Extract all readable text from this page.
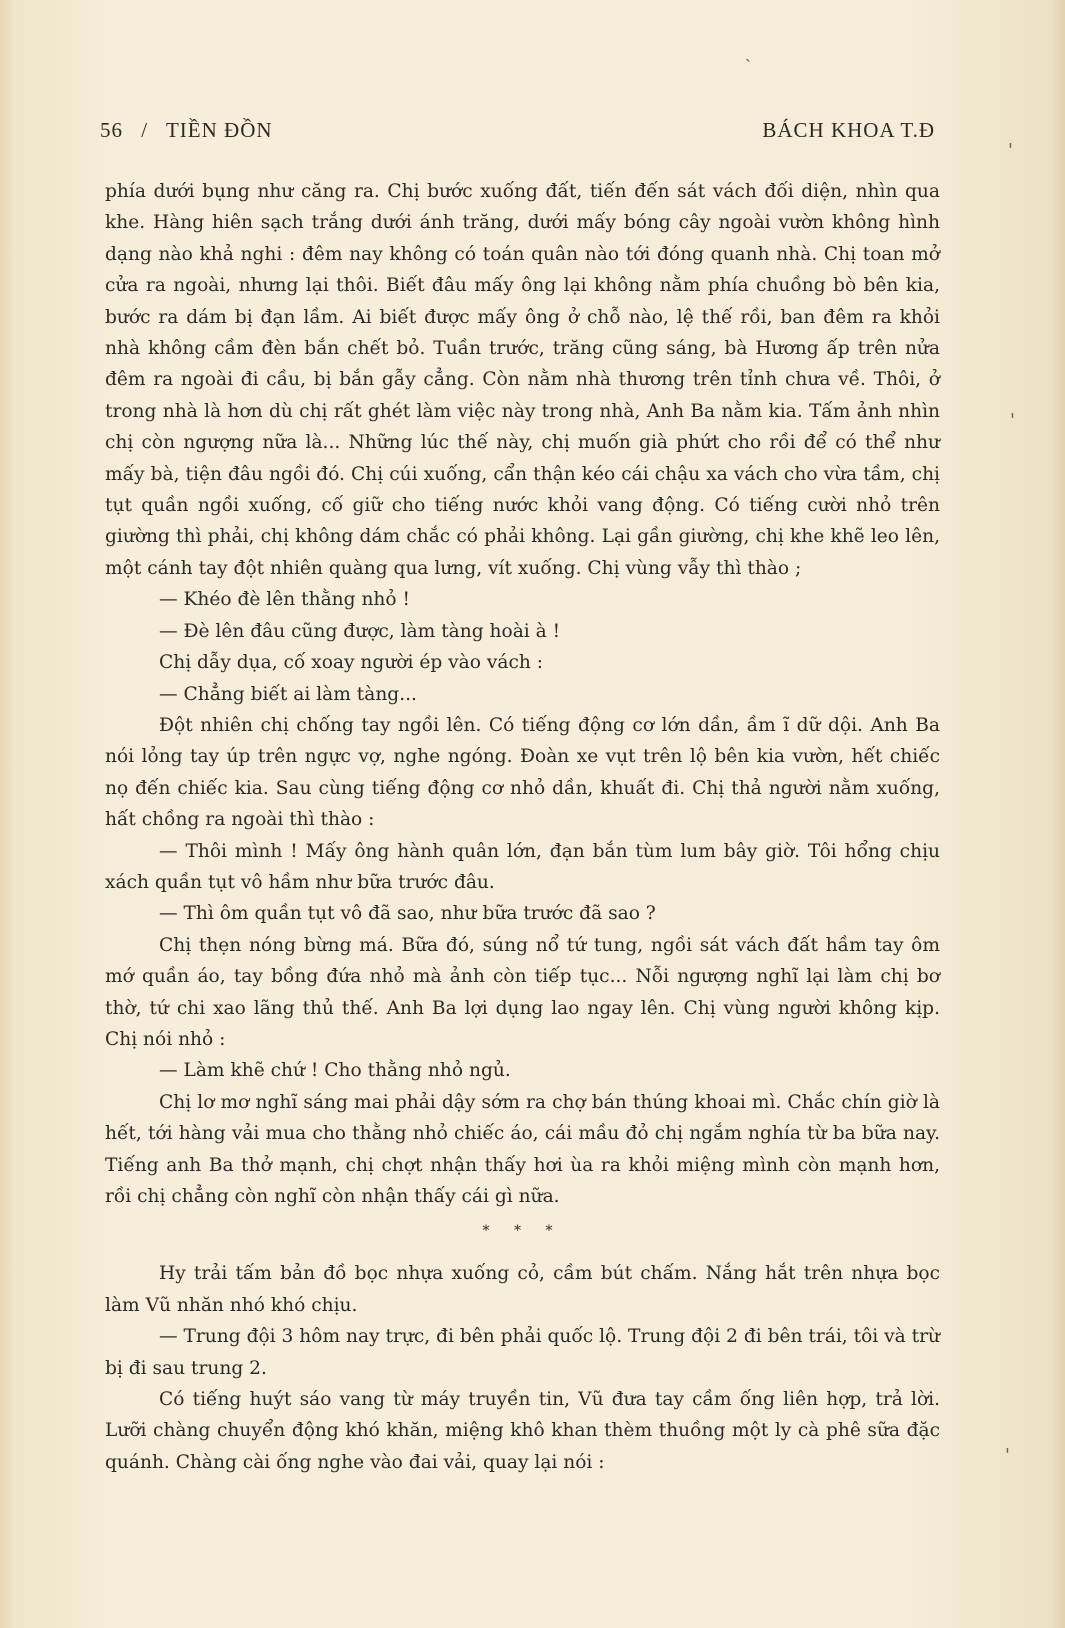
56 / TIỀN ĐỒN	BÁCH KHOA T.Đ

phía dưới bụng như căng ra. Chị bước xuống đất, tiến đến sát vách đối diện, nhìn qua khe. Hàng hiên sạch trắng dưới ánh trăng, dưới mấy bóng cây ngoài vườn không hình dạng nào khả nghi : đêm nay không có toán quân nào tới đóng quanh nhà. Chị toan mở cửa ra ngoài, nhưng lại thôi. Biết đâu mấy ông lại không nằm phía chuồng bò bên kia, bước ra dám bị đạn lầm. Ai biết được mấy ông ở chỗ nào, lệ thế rồi, ban đêm ra khỏi nhà không cầm đèn bắn chết bỏ. Tuần trước, trăng cũng sáng, bà Hương ấp trên nửa đêm ra ngoài đi cầu, bị bắn gẫy cẳng. Còn nằm nhà thương trên tỉnh chưa về. Thôi, ở trong nhà là hơn dù chị rất ghét làm việc này trong nhà, Anh Ba nằm kia. Tấm ảnh nhìn chị còn ngượng nữa là... Những lúc thế này, chị muốn già phứt cho rồi để có thể như mấy bà, tiện đâu ngồi đó. Chị cúi xuống, cẩn thận kéo cái chậu xa vách cho vừa tầm, chị tụt quần ngồi xuống, cố giữ cho tiếng nước khỏi vang động. Có tiếng cười nhỏ trên giường thì phải, chị không dám chắc có phải không. Lại gần giường, chị khe khẽ leo lên, một cánh tay đột nhiên quàng qua lưng, vít xuống. Chị vùng vẫy thì thào ;

— Khéo đè lên thằng nhỏ !

— Đè lên đâu cũng được, làm tàng hoài à !

Chị dẫy dụa, cố xoay người ép vào vách :

— Chẳng biết ai làm tàng...

Đột nhiên chị chống tay ngồi lên. Có tiếng động cơ lớn dần, ầm ĩ dữ dội. Anh Ba nói lỏng tay úp trên ngực vợ, nghe ngóng. Đoàn xe vụt trên lộ bên kia vườn, hết chiếc nọ đến chiếc kia. Sau cùng tiếng động cơ nhỏ dần, khuất đi. Chị thả người nằm xuống, hất chồng ra ngoài thì thào :

— Thôi mình ! Mấy ông hành quân lớn, đạn bắn tùm lum bây giờ. Tôi hổng chịu xách quần tụt vô hầm như bữa trước đâu.

— Thì ôm quần tụt vô đã sao, như bữa trước đã sao ?

Chị thẹn nóng bừng má. Bữa đó, súng nổ tứ tung, ngồi sát vách đất hầm tay ôm mớ quần áo, tay bồng đứa nhỏ mà ảnh còn tiếp tục... Nỗi ngượng nghĩ lại làm chị bơ thờ, tứ chi xao lãng thủ thế. Anh Ba lợi dụng lao ngay lên. Chị vùng người không kịp. Chị nói nhỏ :

— Làm khẽ chứ ! Cho thằng nhỏ ngủ.

Chị lơ mơ nghĩ sáng mai phải dậy sớm ra chợ bán thúng khoai mì. Chắc chín giờ là hết, tới hàng vải mua cho thằng nhỏ chiếc áo, cái mầu đỏ chị ngắm nghía từ ba bữa nay. Tiếng anh Ba thở mạnh, chị chợt nhận thấy hơi ùa ra khỏi miệng mình còn mạnh hơn, rồi chị chẳng còn nghĩ còn nhận thấy cái gì nữa.

* * *

Hy trải tấm bản đồ bọc nhựa xuống cỏ, cầm bút chấm. Nắng hắt trên nhựa bọc làm Vũ nhăn nhó khó chịu.

— Trung đội 3 hôm nay trực, đi bên phải quốc lộ. Trung đội 2 đi bên trái, tôi và trừ bị đi sau trung 2.

Có tiếng huýt sáo vang từ máy truyền tin, Vũ đưa tay cầm ống liên hợp, trả lời. Lưỡi chàng chuyển động khó khăn, miệng khô khan thèm thuồng một ly cà phê sữa đặc quánh. Chàng cài ống nghe vào đai vải, quay lại nói :

ˏ
'
'
'
